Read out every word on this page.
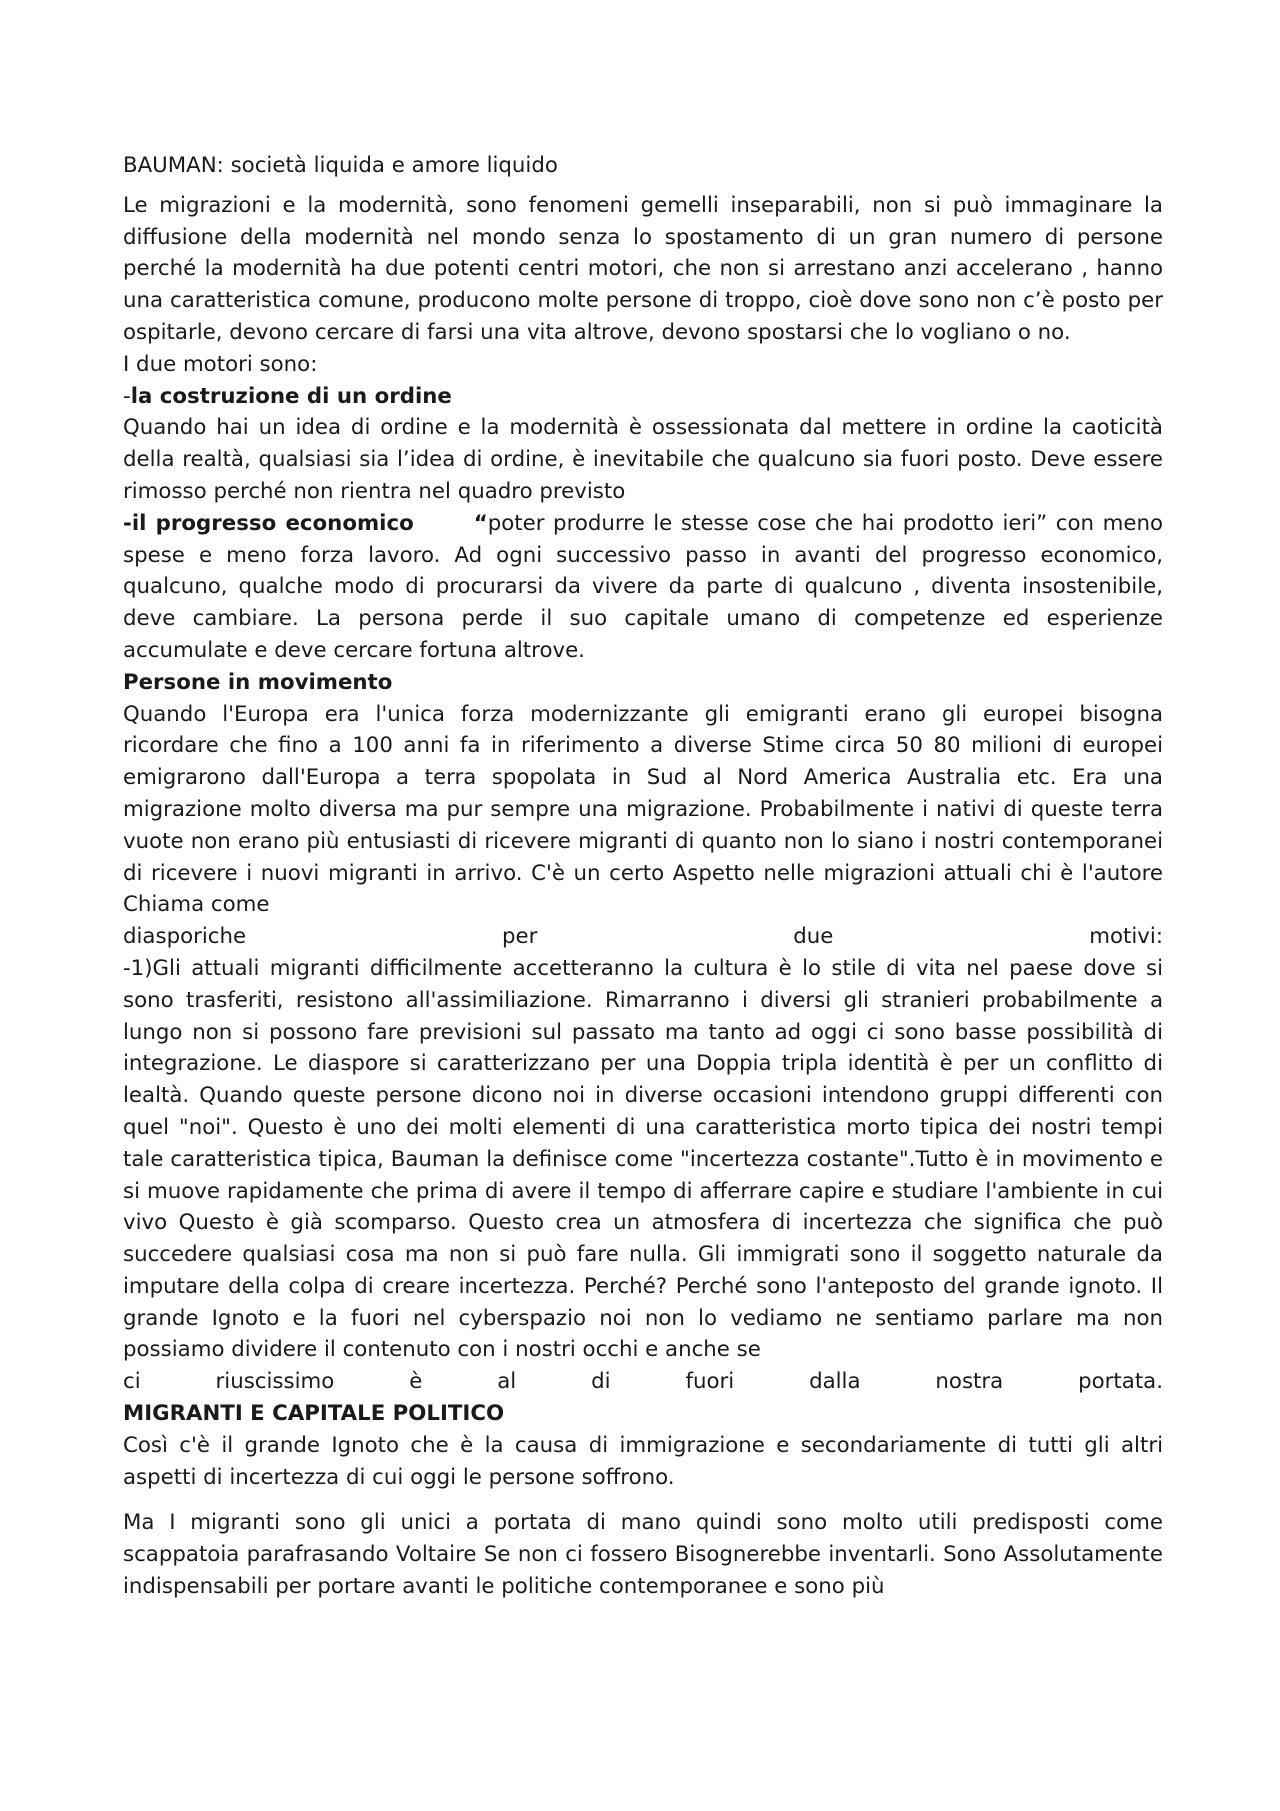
BAUMAN: società liquida e amore liquido

Le migrazioni e la modernità, sono fenomeni gemelli inseparabili, non si può immaginare la diffusione della modernità nel mondo senza lo spostamento di un gran numero di persone perché la modernità ha due potenti centri motori, che non si arrestano anzi accelerano , hanno una caratteristica comune, producono molte persone di troppo, cioè dove sono non c’è posto per ospitarle, devono cercare di farsi una vita altrove, devono spostarsi che lo vogliano o no.

I due motori sono:

-la costruzione di un ordine

Quando hai un idea di ordine e la modernità è ossessionata dal mettere in ordine la caoticità della realtà, qualsiasi sia l’idea di ordine, è inevitabile che qualcuno sia fuori posto. Deve essere rimosso perché non rientra nel quadro previsto

-il progresso economico	“poter produrre le stesse cose che hai prodotto ieri” con meno spese e meno forza lavoro. Ad ogni successivo passo in avanti del progresso economico, qualcuno, qualche modo di procurarsi da vivere da parte di qualcuno , diventa insostenibile, deve cambiare. La persona perde il suo capitale umano di competenze ed esperienze accumulate e deve cercare fortuna altrove.

Persone in movimento

Quando l'Europa era l'unica forza modernizzante gli emigranti erano gli europei bisogna ricordare che fino a 100 anni fa in riferimento a diverse Stime circa 50 80 milioni di europei emigrarono dall'Europa a terra spopolata in Sud al Nord America Australia etc. Era una migrazione molto diversa ma pur sempre una migrazione. Probabilmente i nativi di queste terra vuote non erano più entusiasti di ricevere migranti di quanto non lo siano i nostri contemporanei di ricevere i nuovi migranti in arrivo. C'è un certo Aspetto nelle migrazioni attuali chi è l'autore Chiama come

diasporiche per due motivi:

-1)Gli attuali migranti difficilmente accetteranno la cultura è lo stile di vita nel paese dove si sono trasferiti, resistono all'assimiliazione. Rimarranno i diversi gli stranieri probabilmente a lungo non si possono fare previsioni sul passato ma tanto ad oggi ci sono basse possibilità di integrazione. Le diaspore si caratterizzano per una Doppia tripla identità è per un conflitto di lealtà. Quando queste persone dicono noi in diverse occasioni intendono gruppi differenti con quel "noi". Questo è uno dei molti elementi di una caratteristica morto tipica dei nostri tempi tale caratteristica tipica, Bauman la definisce come "incertezza costante".Tutto è in movimento e si muove rapidamente che prima di avere il tempo di afferrare capire e studiare l'ambiente in cui vivo Questo è già scomparso. Questo crea un atmosfera di incertezza che significa che può succedere qualsiasi cosa ma non si può fare nulla. Gli immigrati sono il soggetto naturale da imputare della colpa di creare incertezza. Perché? Perché sono l'anteposto del grande ignoto. Il grande Ignoto e la fuori nel cyberspazio noi non lo vediamo ne sentiamo parlare ma non possiamo dividere il contenuto con i nostri occhi e anche se

ci riuscissimo è al di fuori dalla nostra portata.

MIGRANTI E CAPITALE POLITICO

Così c'è il grande Ignoto che è la causa di immigrazione e secondariamente di tutti gli altri aspetti di incertezza di cui oggi le persone soffrono.

Ma I migranti sono gli unici a portata di mano quindi sono molto utili predisposti come scappatoia parafrasando Voltaire Se non ci fossero Bisognerebbe inventarli. Sono Assolutamente indispensabili per portare avanti le politiche contemporanee e sono più
